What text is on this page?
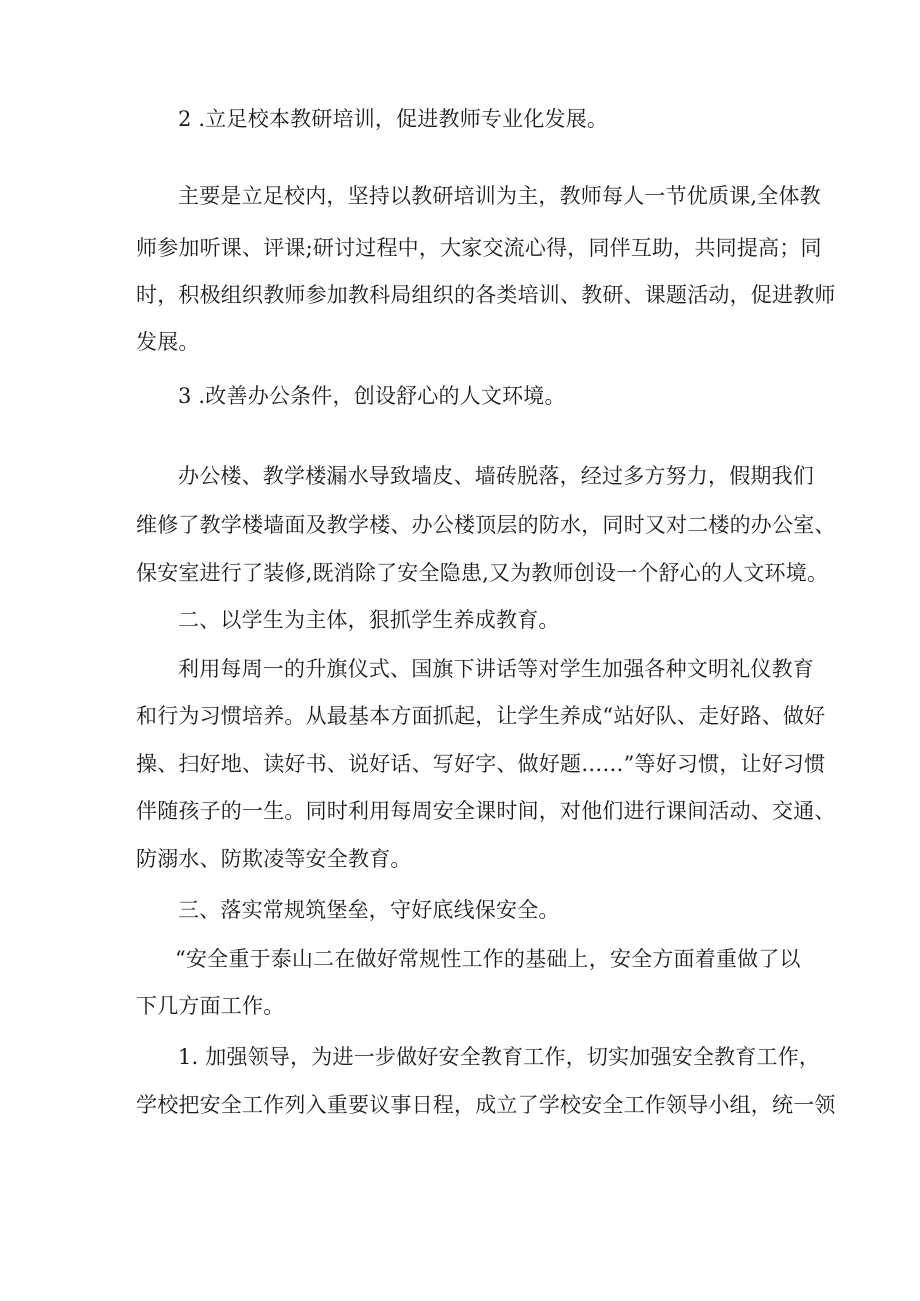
2 .立足校本教研培训，促进教师专业化发展。
主要是立足校内，坚持以教研培训为主，教师每人一节优质课,全体教
师参加听课、评课;研讨过程中，大家交流心得，同伴互助，共同提高；同
时，积极组织教师参加教科局组织的各类培训、教研、课题活动，促进教师
发展。
3 .改善办公条件，创设舒心的人文环境。
办公楼、教学楼漏水导致墙皮、墙砖脱落，经过多方努力，假期我们
维修了教学楼墙面及教学楼、办公楼顶层的防水，同时又对二楼的办公室、
保安室进行了装修,既消除了安全隐患,又为教师创设一个舒心的人文环境。
二、以学生为主体，狠抓学生养成教育。
利用每周一的升旗仪式、国旗下讲话等对学生加强各种文明礼仪教育
和行为习惯培养。从最基本方面抓起，让学生养成“站好队、走好路、做好
操、扫好地、读好书、说好话、写好字、做好题……”等好习惯，让好习惯
伴随孩子的一生。同时利用每周安全课时间，对他们进行课间活动、交通、
防溺水、防欺凌等安全教育。
三、落实常规筑堡垒，守好底线保安全。
“安全重于泰山二在做好常规性工作的基础上，安全方面着重做了以
下几方面工作。
1. 加强领导，为进一步做好安全教育工作，切实加强安全教育工作，
学校把安全工作列入重要议事日程，成立了学校安全工作领导小组，统一领
